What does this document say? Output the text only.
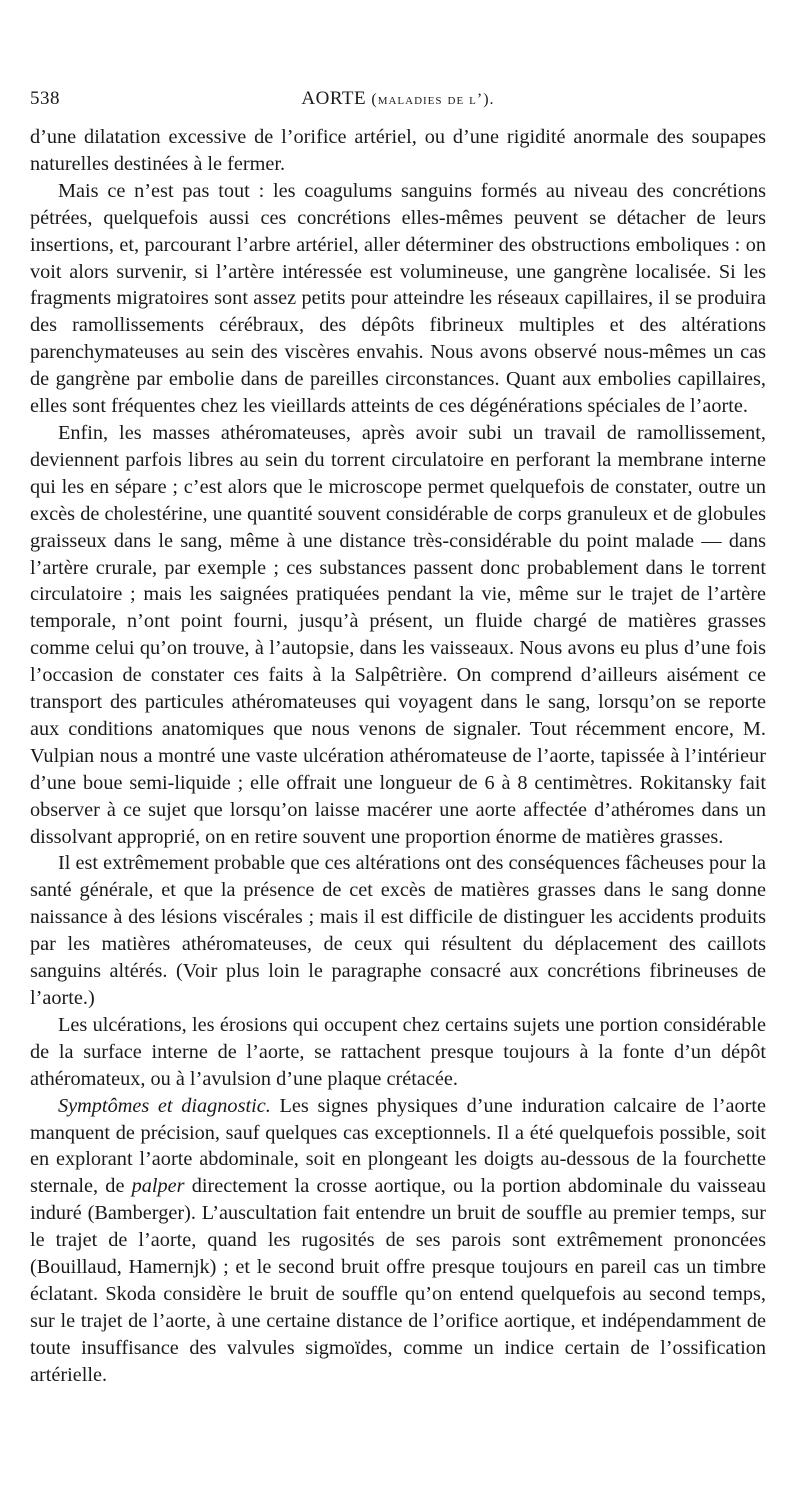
538	AORTE (maladies de l’).

d’une dilatation excessive de l’orifice artériel, ou d’une rigidité anormale des soupapes naturelles destinées à le fermer.

Mais ce n’est pas tout : les coagulums sanguins formés au niveau des concrétions pétrées, quelquefois aussi ces concrétions elles-mêmes peuvent se détacher de leurs insertions, et, parcourant l’arbre artériel, aller déterminer des obstructions emboliques : on voit alors survenir, si l’artère intéressée est volumineuse, une gangrène localisée. Si les fragments migratoires sont assez petits pour atteindre les réseaux capillaires, il se produira des ramollissements cérébraux, des dépôts fibrineux multiples et des altérations parenchymateuses au sein des viscères envahis. Nous avons observé nous-mêmes un cas de gangrène par embolie dans de pareilles circonstances. Quant aux embolies capillaires, elles sont fréquentes chez les vieillards atteints de ces dégénérations spéciales de l’aorte.

Enfin, les masses athéromateuses, après avoir subi un travail de ramollissement, deviennent parfois libres au sein du torrent circulatoire en perforant la membrane interne qui les en sépare ; c’est alors que le microscope permet quelquefois de constater, outre un excès de cholestérine, une quantité souvent considérable de corps granuleux et de globules graisseux dans le sang, même à une distance très-considérable du point malade — dans l’artère crurale, par exemple ; ces substances passent donc probablement dans le torrent circulatoire ; mais les saignées pratiquées pendant la vie, même sur le trajet de l’artère temporale, n’ont point fourni, jusqu’à présent, un fluide chargé de matières grasses comme celui qu’on trouve, à l’autopsie, dans les vaisseaux. Nous avons eu plus d’une fois l’occasion de constater ces faits à la Salpêtrière. On comprend d’ailleurs aisément ce transport des particules athéromateuses qui voyagent dans le sang, lorsqu’on se reporte aux conditions anatomiques que nous venons de signaler. Tout récemment encore, M. Vulpian nous a montré une vaste ulcération athéromateuse de l’aorte, tapissée à l’intérieur d’une boue semi-liquide ; elle offrait une longueur de 6 à 8 centimètres. Rokitansky fait observer à ce sujet que lorsqu’on laisse macérer une aorte affectée d’athéromes dans un dissolvant approprié, on en retire souvent une proportion énorme de matières grasses.

Il est extrêmement probable que ces altérations ont des conséquences fâcheuses pour la santé générale, et que la présence de cet excès de matières grasses dans le sang donne naissance à des lésions viscérales ; mais il est difficile de distinguer les accidents produits par les matières athéromateuses, de ceux qui résultent du déplacement des caillots sanguins altérés. (Voir plus loin le paragraphe consacré aux concrétions fibrineuses de l’aorte.)

Les ulcérations, les érosions qui occupent chez certains sujets une portion considérable de la surface interne de l’aorte, se rattachent presque toujours à la fonte d’un dépôt athéromateux, ou à l’avulsion d’une plaque crétacée.

Symptômes et diagnostic. Les signes physiques d’une induration calcaire de l’aorte manquent de précision, sauf quelques cas exceptionnels. Il a été quelquefois possible, soit en explorant l’aorte abdominale, soit en plongeant les doigts au-dessous de la fourchette sternale, de palper directement la crosse aortique, ou la portion abdominale du vaisseau induré (Bamberger). L’auscultation fait entendre un bruit de souffle au premier temps, sur le trajet de l’aorte, quand les rugosités de ses parois sont extrêmement prononcées (Bouillaud, Hamernjk) ; et le second bruit offre presque toujours en pareil cas un timbre éclatant. Skoda considère le bruit de souffle qu’on entend quelquefois au second temps, sur le trajet de l’aorte, à une certaine distance de l’orifice aortique, et indépendamment de toute insuffisance des valvules sigmoïdes, comme un indice certain de l’ossification artérielle.
